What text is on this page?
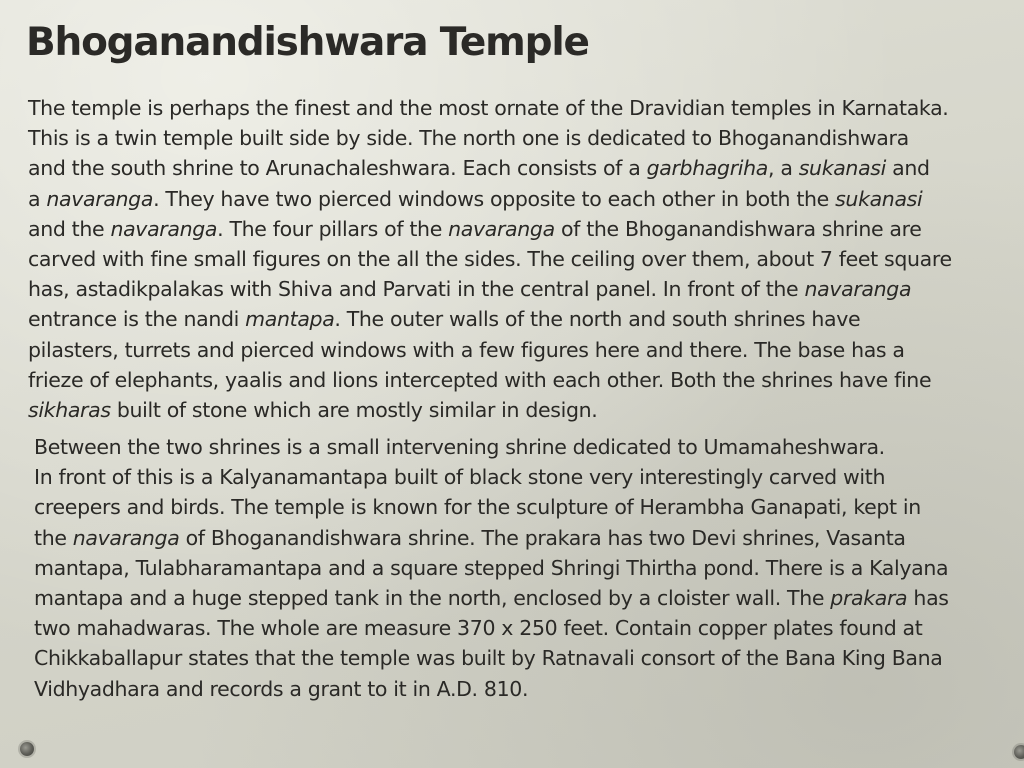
Bhoganandishwara Temple

The temple is perhaps the finest and the most ornate of the Dravidian temples in Karnataka.
This is a twin temple built side by side. The north one is dedicated to Bhoganandishwara
and the south shrine to Arunachaleshwara. Each consists of a garbhagriha, a sukanasi and
a navaranga. They have two pierced windows opposite to each other in both the sukanasi
and the navaranga. The four pillars of the navaranga of the Bhoganandishwara shrine are
carved with fine small figures on the all the sides. The ceiling over them, about 7 feet square
has, astadikpalakas with Shiva and Parvati in the central panel. In front of the navaranga
entrance is the nandi mantapa. The outer walls of the north and south shrines have
pilasters, turrets and pierced windows with a few figures here and there. The base has a
frieze of elephants, yaalis and lions intercepted with each other. Both the shrines have fine
sikharas built of stone which are mostly similar in design.

Between the two shrines is a small intervening shrine dedicated to Umamaheshwara.
In front of this is a Kalyanamantapa built of black stone very interestingly carved with
creepers and birds. The temple is known for the sculpture of Herambha Ganapati, kept in
the navaranga of Bhoganandishwara shrine. The prakara has two Devi shrines, Vasanta
mantapa, Tulabharamantapa and a square stepped Shringi Thirtha pond. There is a Kalyana
mantapa and a huge stepped tank in the north, enclosed by a cloister wall. The prakara has
two mahadwaras. The whole are measure 370 x 250 feet. Contain copper plates found at
Chikkaballapur states that the temple was built by Ratnavali consort of the Bana King Bana
Vidhyadhara and records a grant to it in A.D. 810.
